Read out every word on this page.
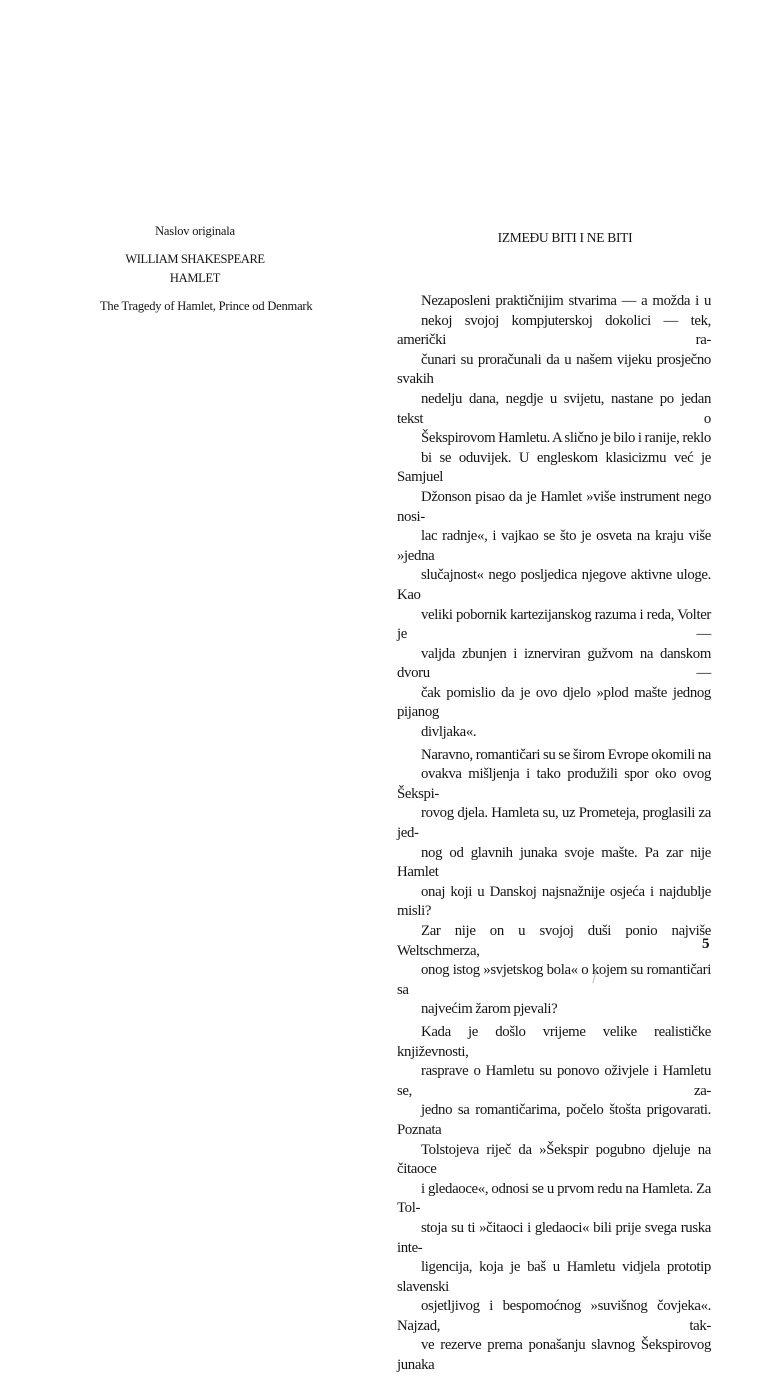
Naslov originala
WILLIAM SHAKESPEARE
HAMLET
The Tragedy of Hamlet, Prince od Denmark
IZMEĐU BITI I NE BITI

Nezaposleni praktičnijim stvarima — a možda i u
nekoj svojoj kompjuterskoj dokolici — tek, američki ra-
čunari su proračunali da u našem vijeku prosječno svakih
nedelju dana, negdje u svijetu, nastane po jedan tekst o
Šekspirovom Hamletu. A slično je bilo i ranije, reklo
bi se oduvijek. U engleskom klasicizmu već je Samjuel
Džonson pisao da je Hamlet »više instrument nego nosi-
lac radnje«, i vajkao se što je osveta na kraju više »jedna
slučajnost« nego posljedica njegove aktivne uloge. Kao
veliki pobornik kartezijanskog razuma i reda, Volter je —
valjda zbunjen i iznerviran gužvom na danskom dvoru —
čak pomislio da je ovo djelo »plod mašte jednog pijanog
divljaka«.

Naravno, romantičari su se širom Evrope okomili na
ovakva mišljenja i tako produžili spor oko ovog Šekspi-
rovog djela. Hamleta su, uz Prometeja, proglasili za jed-
nog od glavnih junaka svoje mašte. Pa zar nije Hamlet
onaj koji u Danskoj najsnažnije osjeća i najdublje misli?
Zar nije on u svojoj duši ponio najviše Weltschmerza,
onog istog »svjetskog bola« o kojem su romantičari sa
najvećim žarom pjevali?

Kada je došlo vrijeme velike realističke književnosti,
rasprave o Hamletu su ponovo oživjele i Hamletu se, za-
jedno sa romantičarima, počelo štošta prigovarati. Poznata
Tolstojeva riječ da »Šekspir pogubno djeluje na čitaoce
i gledaoce«, odnosi se u prvom redu na Hamleta. Za Tol-
stoja su ti »čitaoci i gledaoci« bili prije svega ruska inte-
ligencija, koja je baš u Hamletu vidjela prototip slavenski
osjetljivog i bespomoćnog »suvišnog čovjeka«. Najzad, tak-
ve rezerve prema ponašanju slavnog Šekspirovog junaka

5
